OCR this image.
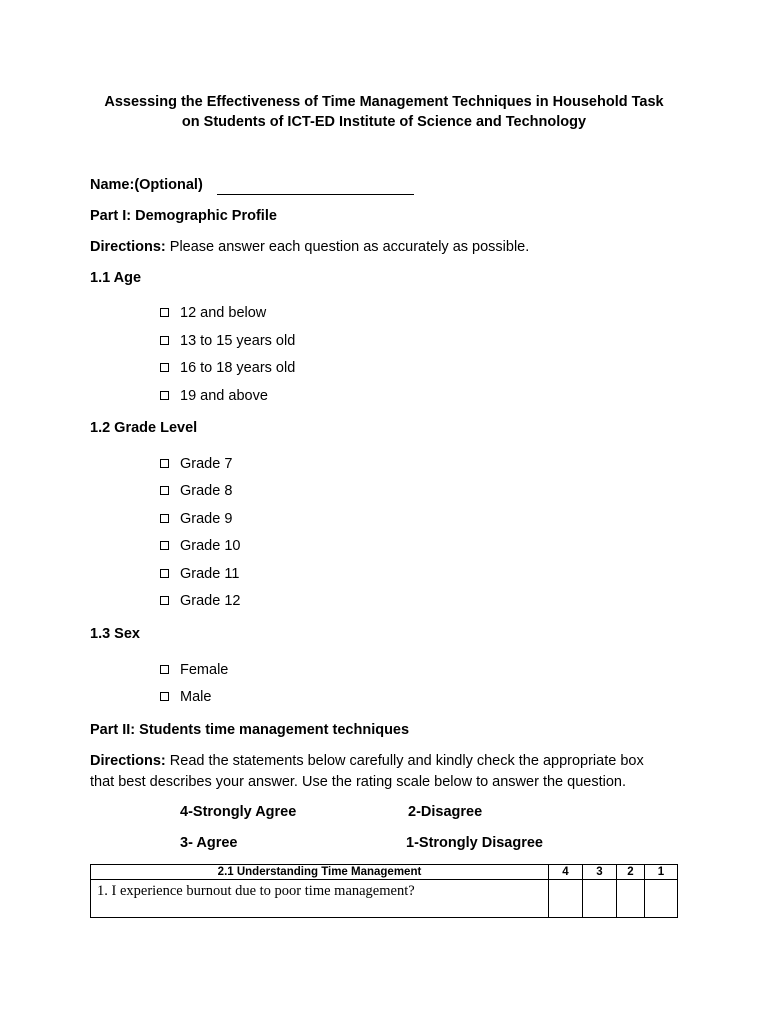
Assessing the Effectiveness of Time Management Techniques in Household Task
on Students of ICT-ED Institute of Science and Technology
Name:(Optional)
Part I: Demographic Profile
Directions: Please answer each question as accurately as possible.
1.1 Age
12 and below
13 to 15 years old
16 to 18 years old
19 and above
1.2 Grade Level
Grade 7
Grade 8
Grade 9
Grade 10
Grade 11
Grade 12
1.3 Sex
Female
Male
Part II: Students time management techniques
Directions: Read the statements below carefully and kindly check the appropriate box
that best describes your answer. Use the rating scale below to answer the question.
4-Strongly Agree	2-Disagree
3- Agree	1-Strongly Disagree
2.1 Understanding Time Management	4	3	2	1
1. I experience burnout due to poor time management?				
